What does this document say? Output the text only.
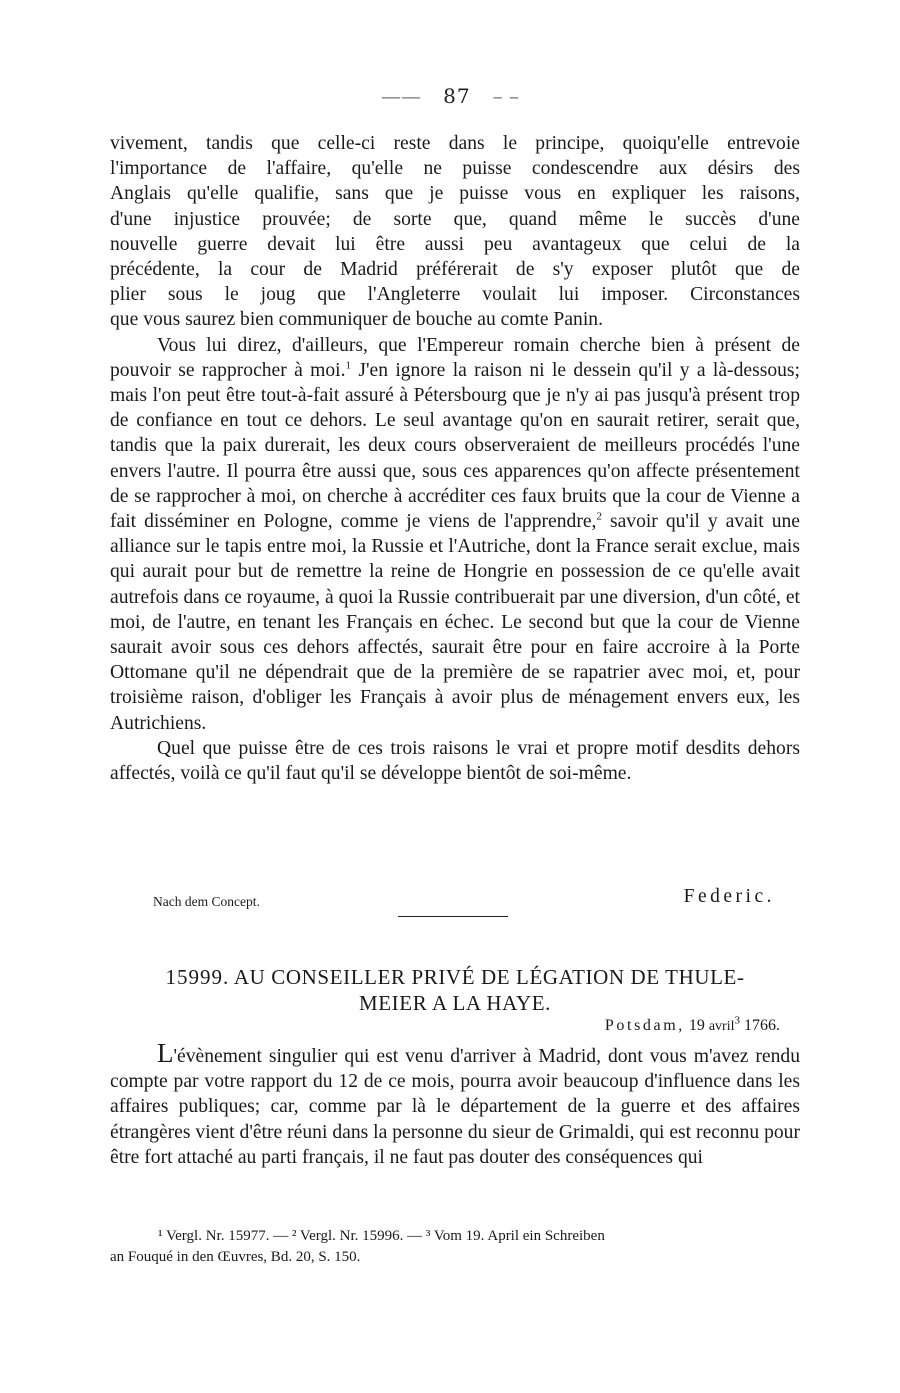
—— 87 – –

vivement, tandis que celle-ci reste dans le principe, quoiqu'elle entrevoie
l'importance de l'affaire, qu'elle ne puisse condescendre aux désirs des
Anglais qu'elle qualifie, sans que je puisse vous en expliquer les raisons,
d'une injustice prouvée; de sorte que, quand même le succès d'une
nouvelle guerre devait lui être aussi peu avantageux que celui de la
précédente, la cour de Madrid préférerait de s'y exposer plutôt que de
plier sous le joug que l'Angleterre voulait lui imposer. Circonstances

que vous saurez bien communiquer de bouche au comte Panin.

Vous lui direz, d'ailleurs, que l'Empereur romain cherche bien à présent de pouvoir se rapprocher à moi.$^1$ J'en ignore la raison ni le dessein qu'il y a là-dessous; mais l'on peut être tout-à-fait assuré à Pétersbourg que je n'y ai pas jusqu'à présent trop de confiance en tout ce dehors. Le seul avantage qu'on en saurait retirer, serait que, tandis que la paix durerait, les deux cours observeraient de meilleurs procédés l'une envers l'autre. Il pourra être aussi que, sous ces apparences qu'on affecte présentement de se rapprocher à moi, on cherche à accréditer ces faux bruits que la cour de Vienne a fait disséminer en Pologne, comme je viens de l'apprendre,$^2$ savoir qu'il y avait une alliance sur le tapis entre moi, la Russie et l'Autriche, dont la France serait exclue, mais qui aurait pour but de remettre la reine de Hongrie en possession de ce qu'elle avait autrefois dans ce royaume, à quoi la Russie contribuerait par une diversion, d'un côté, et moi, de l'autre, en tenant les Français en échec. Le second but que la cour de Vienne saurait avoir sous ces dehors affectés, saurait être pour en faire accroire à la Porte Ottomane qu'il ne dépendrait que de la première de se rapatrier avec moi, et, pour troisième raison, d'obliger les Français à avoir plus de ménagement envers eux, les Autrichiens.

Quel que puisse être de ces trois raisons le vrai et propre motif desdits dehors affectés, voilà ce qu'il faut qu'il se développe bientôt de soi-même.

Nach dem Concept.	Federic.
15999. AU CONSEILLER PRIVÉ DE LÉGATION DE THULE-
MEIER A LA HAYE.
Potsdam, 19 avril$^3$ 1766.

L'évènement singulier qui est venu d'arriver à Madrid, dont vous m'avez rendu compte par votre rapport du 12 de ce mois, pourra avoir beaucoup d'influence dans les affaires publiques; car, comme par là le département de la guerre et des affaires étrangères vient d'être réuni dans la personne du sieur de Grimaldi, qui est reconnu pour être fort attaché au parti français, il ne faut pas douter des conséquences qui

¹ Vergl. Nr. 15977. — ² Vergl. Nr. 15996. — ³ Vom 19. April ein Schreiben

an Fouqué in den Œuvres, Bd. 20, S. 150.
